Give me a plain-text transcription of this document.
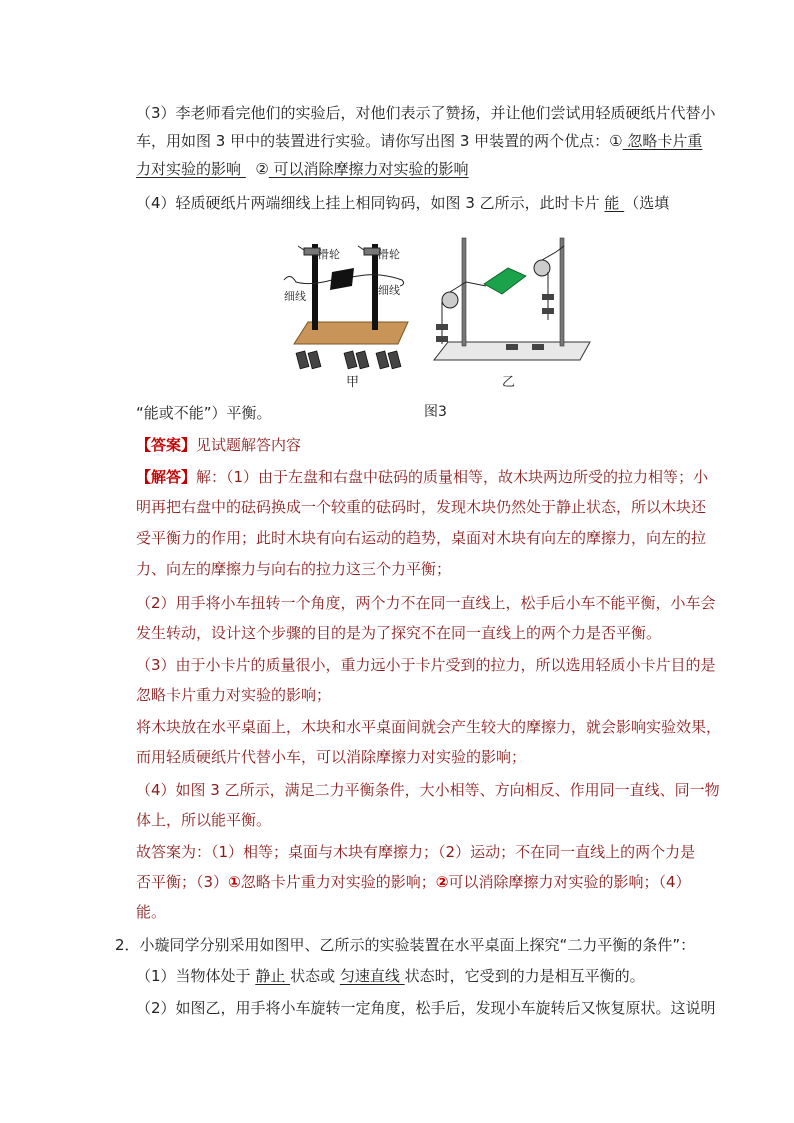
（3）李老师看完他们的实验后，对他们表示了赞扬，并让他们尝试用轻质硬纸片代替小
车，用如图 3 甲中的装置进行实验。请你写出图 3 甲装置的两个优点：① 忽略卡片重
力对实验的影响   ② 可以消除摩擦力对实验的影响
（4）轻质硬纸片两端细线上挂上相同钩码，如图 3 乙所示，此时卡片 能 （选填
滑轮	滑轮
细线	细线
甲	乙
“能或不能”）平衡。	图3
【答案】见试题解答内容
【解答】解：（1）由于左盘和右盘中砝码的质量相等，故木块两边所受的拉力相等；小
明再把右盘中的砝码换成一个较重的砝码时，发现木块仍然处于静止状态，所以木块还
受平衡力的作用；此时木块有向右运动的趋势，桌面对木块有向左的摩擦力，向左的拉
力、向左的摩擦力与向右的拉力这三个力平衡；
（2）用手将小车扭转一个角度，两个力不在同一直线上，松手后小车不能平衡，小车会
发生转动，设计这个步骤的目的是为了探究不在同一直线上的两个力是否平衡。
（3）由于小卡片的质量很小，重力远小于卡片受到的拉力，所以选用轻质小卡片目的是
忽略卡片重力对实验的影响；
将木块放在水平桌面上，木块和水平桌面间就会产生较大的摩擦力，就会影响实验效果，
而用轻质硬纸片代替小车，可以消除摩擦力对实验的影响；
（4）如图 3 乙所示，满足二力平衡条件，大小相等、方向相反、作用同一直线、同一物
体上，所以能平衡。
故答案为：（1）相等；桌面与木块有摩擦力；（2）运动；不在同一直线上的两个力是
否平衡；（3）①忽略卡片重力对实验的影响；②可以消除摩擦力对实验的影响；（4）
能。
2．小璇同学分别采用如图甲、乙所示的实验装置在水平桌面上探究“二力平衡的条件”：
（1）当物体处于 静止 状态或 匀速直线 状态时，它受到的力是相互平衡的。
（2）如图乙，用手将小车旋转一定角度，松手后，发现小车旋转后又恢复原状。这说明
